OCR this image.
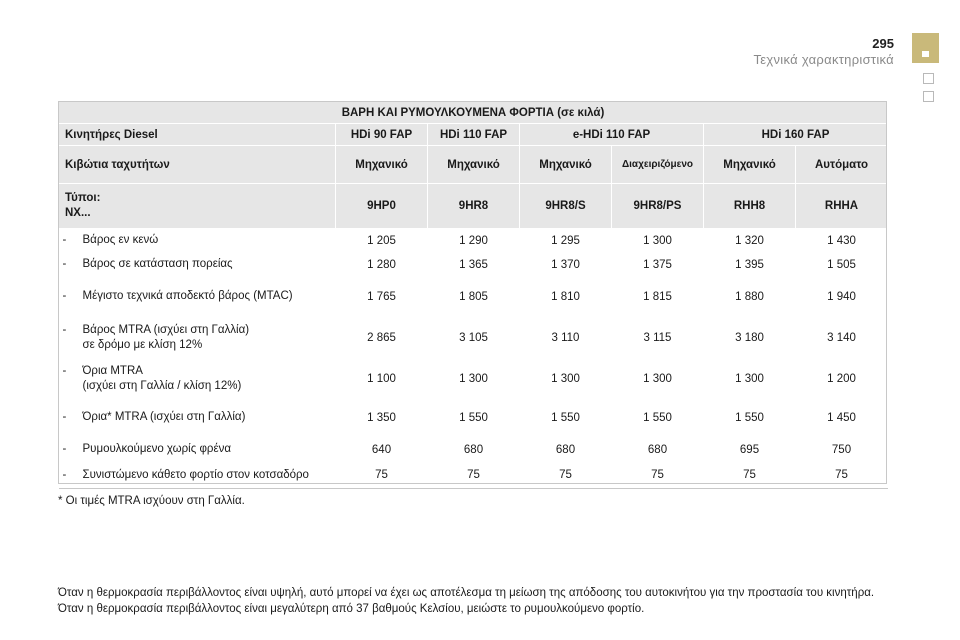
295
Τεχνικά χαρακτηριστικά
ΒΑΡΗ ΚΑΙ ΡΥΜΟΥΛΚΟΥΜΕΝΑ ΦΟΡΤΙΑ (σε κιλά)						
Κινητήρες Diesel	HDi 90 FAP	HDi 110 FAP	e-HDi 110 FAP		HDi 160 FAP	
Κιβώτια ταχυτήτων	Μηχανικό	Μηχανικό	Μηχανικό	Διαχειριζόμενο	Μηχανικό	Αυτόματο
Τύποι:
NX...	9HP0	9HR8	9HR8/S	9HR8/PS	RHH8	RHHA
- Βάρος εν κενώ	1 205	1 290	1 295	1 300	1 320	1 430
- Βάρος σε κατάσταση πορείας	1 280	1 365	1 370	1 375	1 395	1 505
- Μέγιστο τεχνικά αποδεκτό βάρος (MTAC)	1 765	1 805	1 810	1 815	1 880	1 940
- Βάρος MTRA (ισχύει στη Γαλλία)
σε δρόμο με κλίση 12%	2 865	3 105	3 110	3 115	3 180	3 140
- Όρια MTRA
(ισχύει στη Γαλλία / κλίση 12%)	1 100	1 300	1 300	1 300	1 300	1 200
- Όρια* MTRA (ισχύει στη Γαλλία)	1 350	1 550	1 550	1 550	1 550	1 450
- Ρυμουλκούμενο χωρίς φρένα	640	680	680	680	695	750
- Συνιστώμενο κάθετο φορτίο στον κοτσαδόρο	75	75	75	75	75	75
* Οι τιμές MTRA ισχύουν στη Γαλλία.
Όταν η θερμοκρασία περιβάλλοντος είναι υψηλή, αυτό μπορεί να έχει ως αποτέλεσμα τη μείωση της απόδοσης του αυτοκινήτου για την προστασία του κινητήρα. Όταν η θερμοκρασία περιβάλλοντος είναι μεγαλύτερη από 37 βαθμούς Κελσίου, μειώστε το ρυμουλκούμενο φορτίο.
